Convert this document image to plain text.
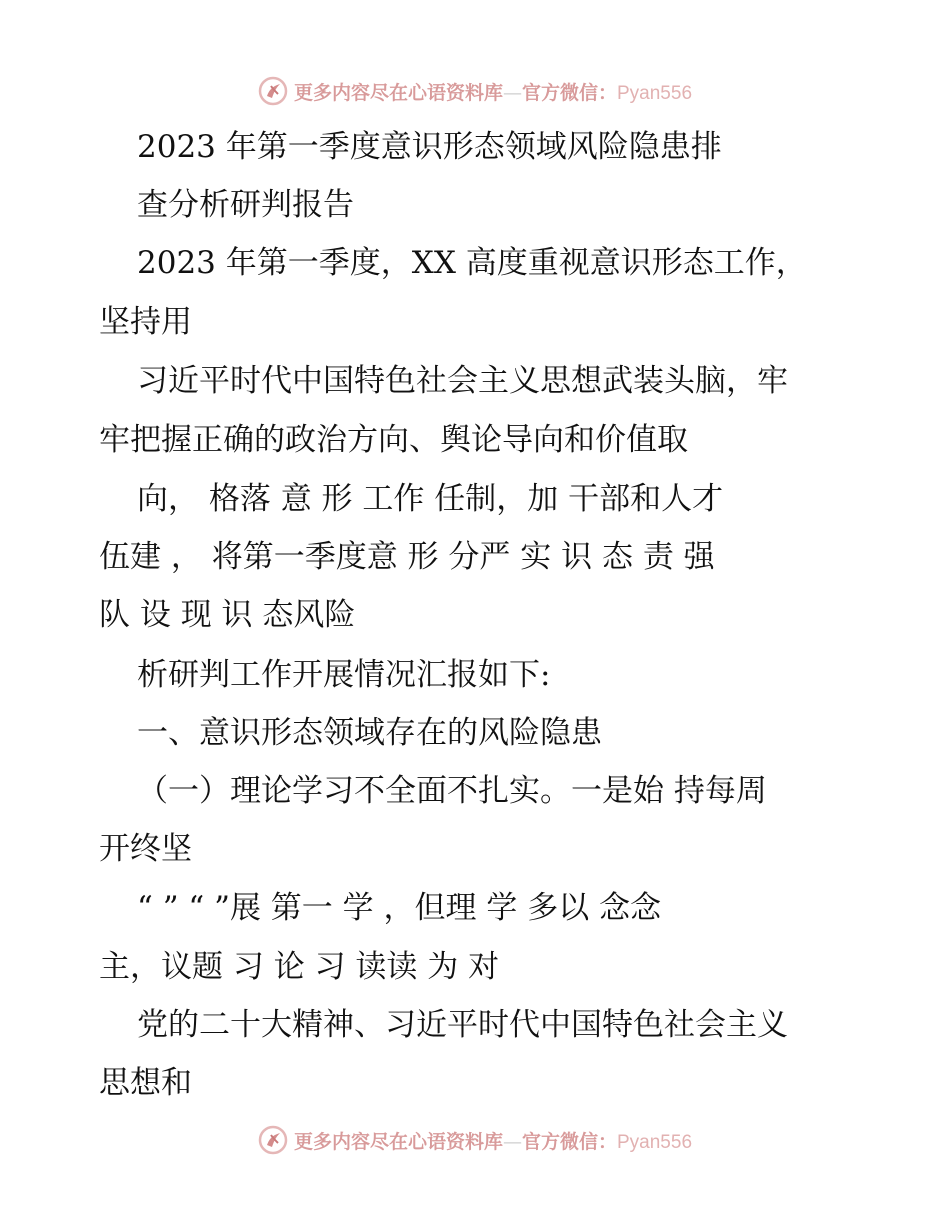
更多内容尽在心语资料库—官方微信：Pyan556
2023 年第一季度意识形态领域风险隐患排
查分析研判报告
2023 年第一季度，XX 高度重视意识形态工作，
坚持用
习近平时代中国特色社会主义思想武装头脑，牢
牢把握正确的政治方向、舆论导向和价值取
向， 格落 意 形 工作 任制，加 干部和人才
伍建 ， 将第一季度意 形 分严 实 识 态 责 强
队 设 现 识 态风险
析研判工作开展情况汇报如下:
一、意识形态领域存在的风险隐患
（一）理论学习不全面不扎实。一是始 持每周
开终坚
“ ” “ ”展 第一 学 ，但理 学 多以 念念
主，议题 习 论 习 读读 为 对
党的二十大精神、习近平时代中国特色社会主义
思想和
更多内容尽在心语资料库—官方微信：Pyan556
